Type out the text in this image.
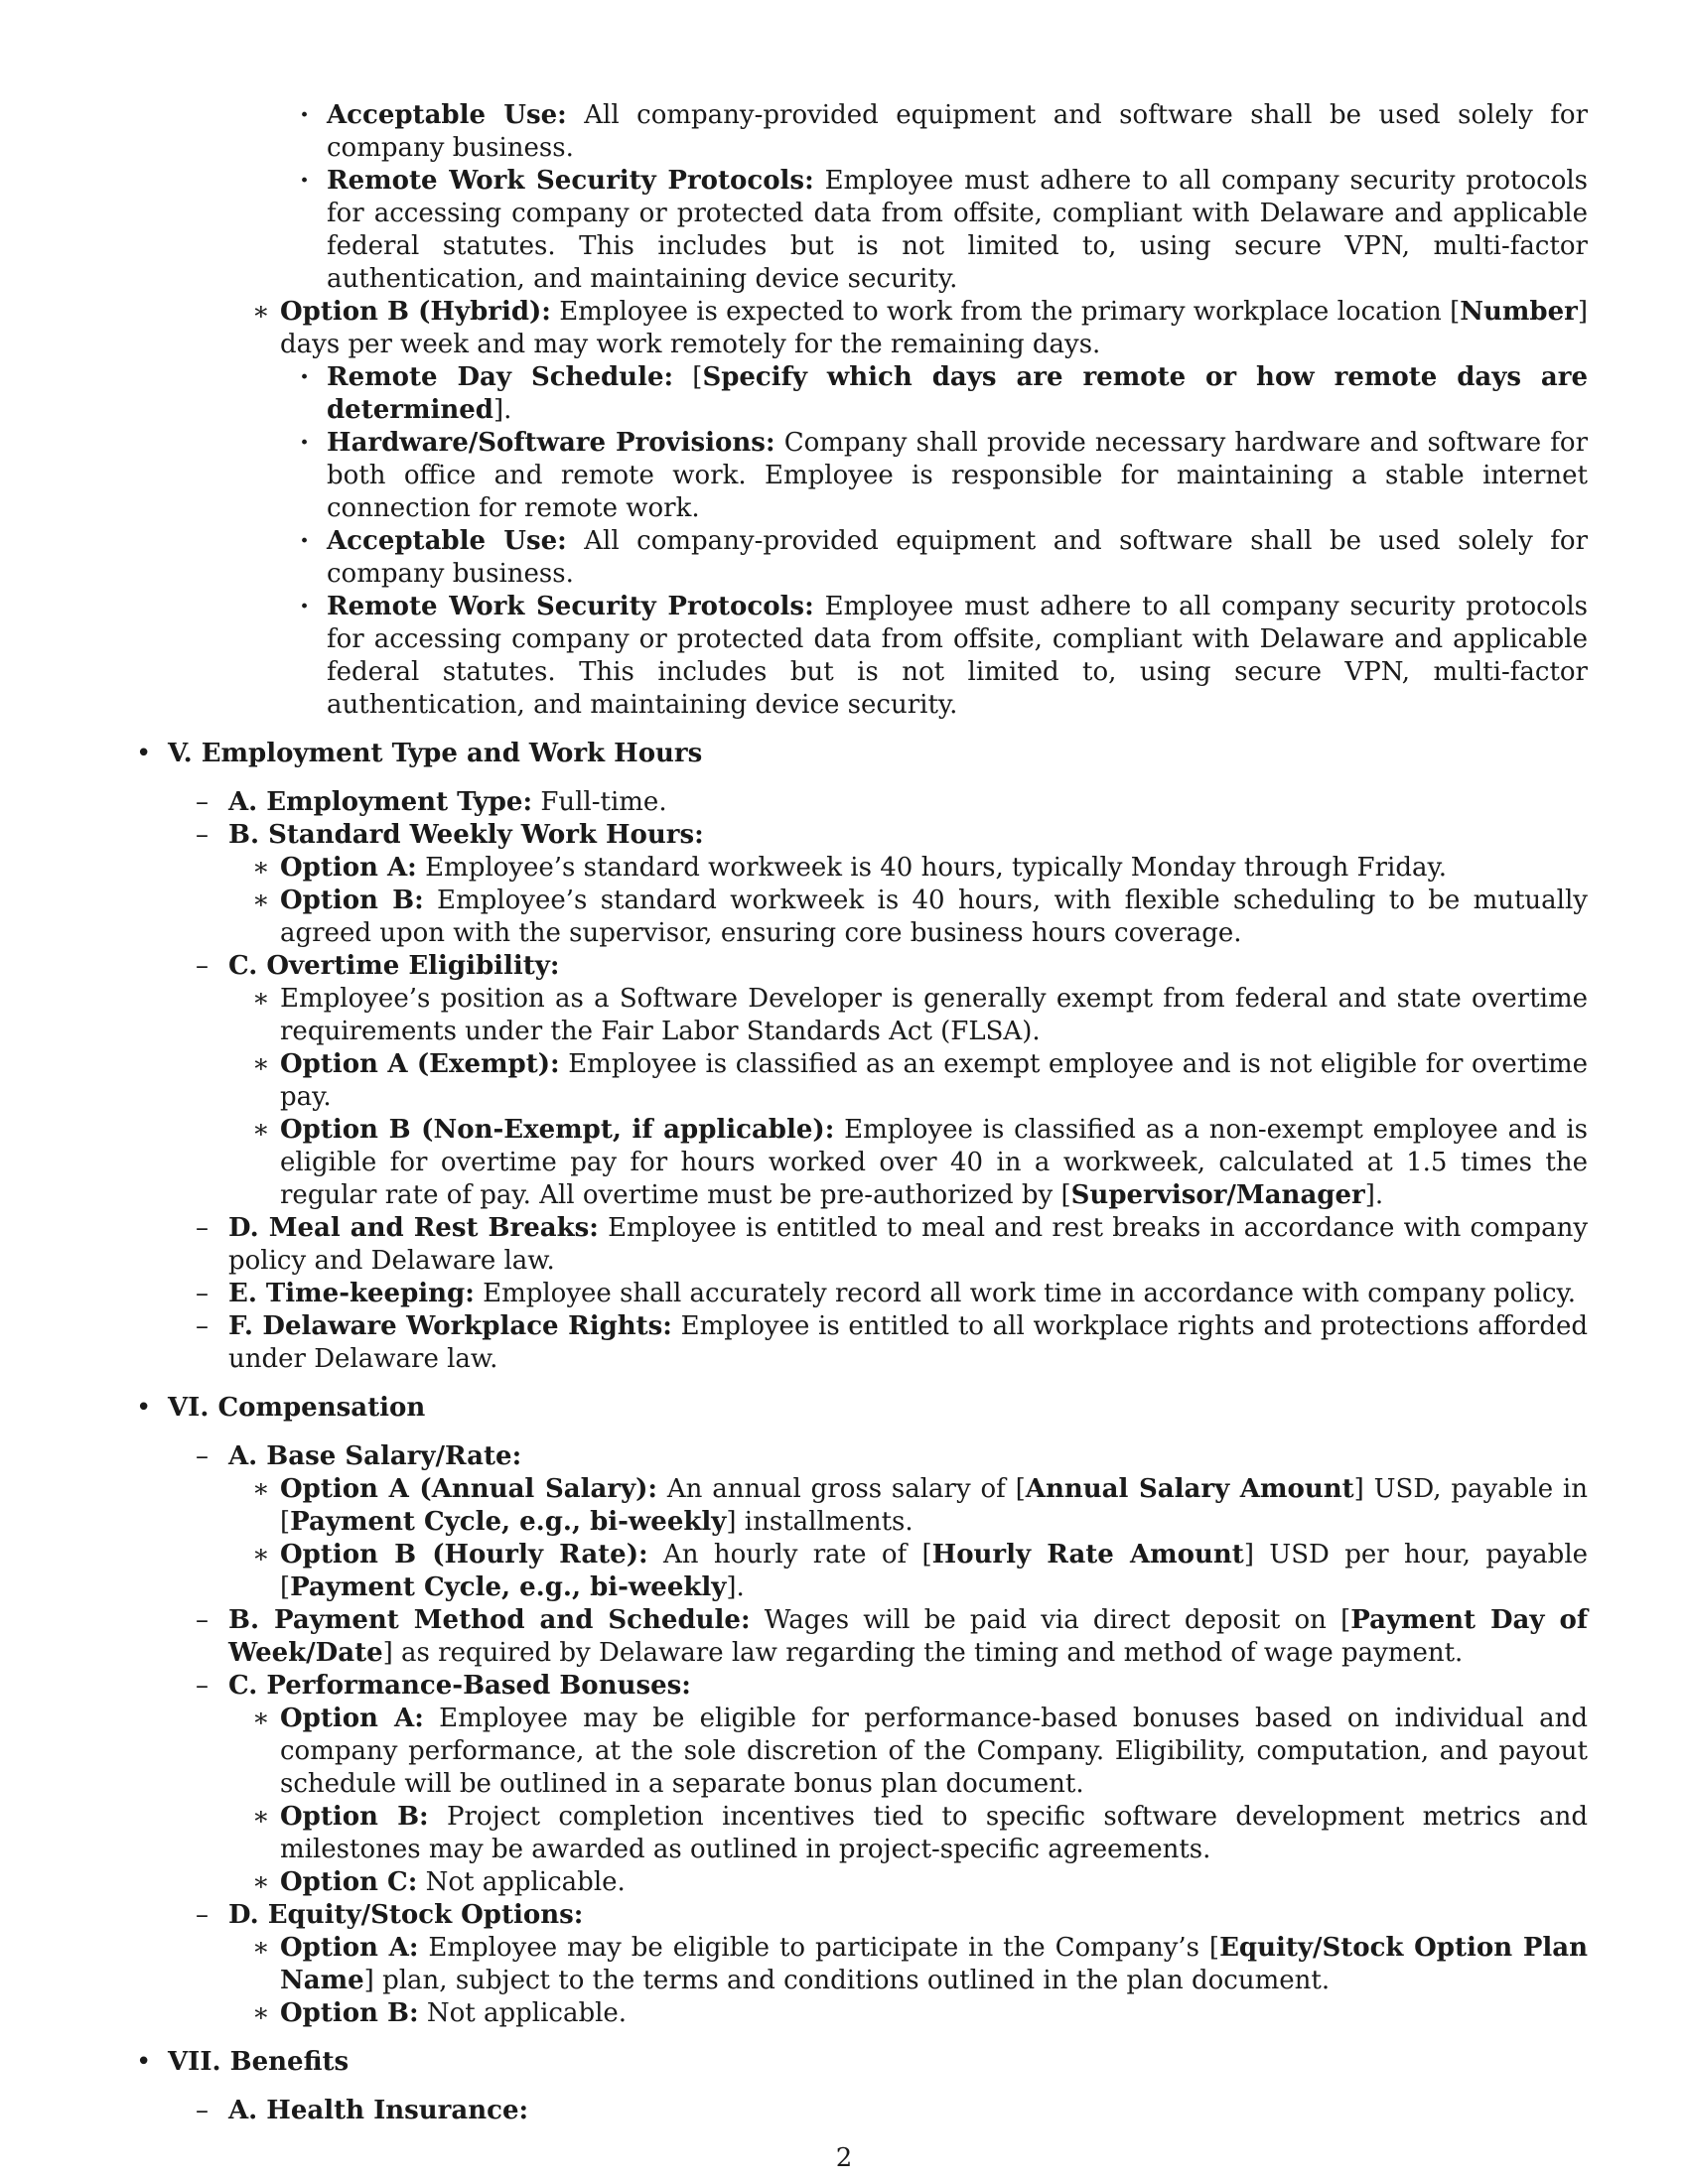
· Acceptable Use: All company-provided equipment and software shall be used solely for company business.
· Remote Work Security Protocols: Employee must adhere to all company security protocols for accessing company or protected data from offsite, compliant with Delaware and applicable federal statutes. This includes but is not limited to, using secure VPN, multi-factor authentication, and maintaining device security.
∗ Option B (Hybrid): Employee is expected to work from the primary workplace location [Number] days per week and may work remotely for the remaining days.
· Remote Day Schedule: [Specify which days are remote or how remote days are determined].
· Hardware/Software Provisions: Company shall provide necessary hardware and software for both office and remote work. Employee is responsible for maintaining a stable internet connection for remote work.
· Acceptable Use: All company-provided equipment and software shall be used solely for company business.
· Remote Work Security Protocols: Employee must adhere to all company security protocols for accessing company or protected data from offsite, compliant with Delaware and applicable federal statutes. This includes but is not limited to, using secure VPN, multi-factor authentication, and maintaining device security.
• V. Employment Type and Work Hours
– A. Employment Type: Full-time.
– B. Standard Weekly Work Hours:
∗ Option A: Employee’s standard workweek is 40 hours, typically Monday through Friday.
∗ Option B: Employee’s standard workweek is 40 hours, with flexible scheduling to be mutually agreed upon with the supervisor, ensuring core business hours coverage.
– C. Overtime Eligibility:
∗ Employee’s position as a Software Developer is generally exempt from federal and state overtime requirements under the Fair Labor Standards Act (FLSA).
∗ Option A (Exempt): Employee is classified as an exempt employee and is not eligible for overtime pay.
∗ Option B (Non-Exempt, if applicable): Employee is classified as a non-exempt employee and is eligible for overtime pay for hours worked over 40 in a workweek, calculated at 1.5 times the regular rate of pay. All overtime must be pre-authorized by [Supervisor/Manager].
– D. Meal and Rest Breaks: Employee is entitled to meal and rest breaks in accordance with company policy and Delaware law.
– E. Time-keeping: Employee shall accurately record all work time in accordance with company policy.
– F. Delaware Workplace Rights: Employee is entitled to all workplace rights and protections afforded under Delaware law.
• VI. Compensation
– A. Base Salary/Rate:
∗ Option A (Annual Salary): An annual gross salary of [Annual Salary Amount] USD, payable in [Payment Cycle, e.g., bi-weekly] installments.
∗ Option B (Hourly Rate): An hourly rate of [Hourly Rate Amount] USD per hour, payable [Payment Cycle, e.g., bi-weekly].
– B. Payment Method and Schedule: Wages will be paid via direct deposit on [Payment Day of Week/Date] as required by Delaware law regarding the timing and method of wage payment.
– C. Performance-Based Bonuses:
∗ Option A: Employee may be eligible for performance-based bonuses based on individual and company performance, at the sole discretion of the Company. Eligibility, computation, and payout schedule will be outlined in a separate bonus plan document.
∗ Option B: Project completion incentives tied to specific software development metrics and milestones may be awarded as outlined in project-specific agreements.
∗ Option C: Not applicable.
– D. Equity/Stock Options:
∗ Option A: Employee may be eligible to participate in the Company’s [Equity/Stock Option Plan Name] plan, subject to the terms and conditions outlined in the plan document.
∗ Option B: Not applicable.
• VII. Benefits
– A. Health Insurance:
2
